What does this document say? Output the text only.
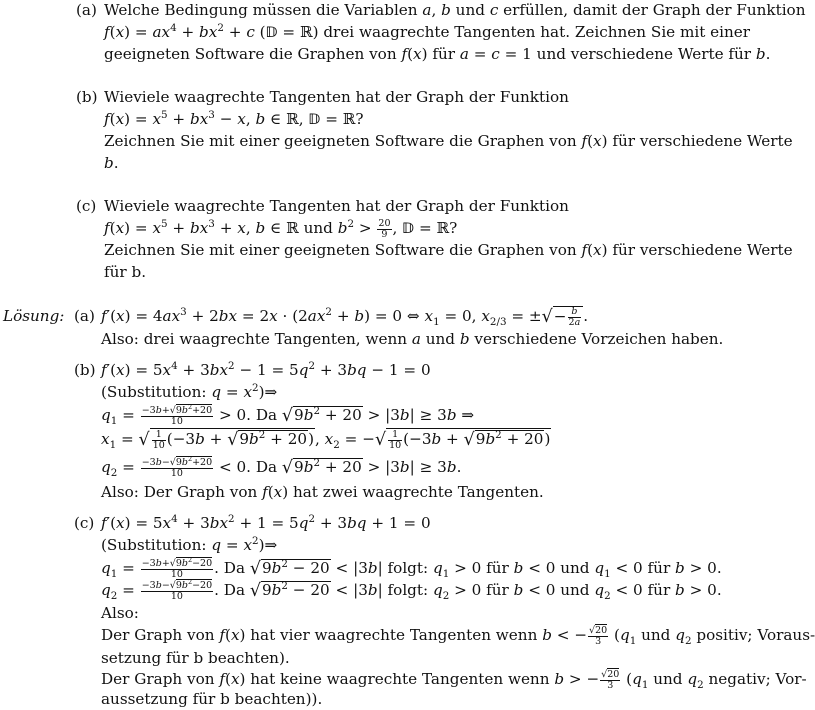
(a) Welche Bedingung müssen die Variablen a, b und c erfüllen, damit der Graph der Funktion
$f(x) = ax^4 + bx^2 + c$ (𝔻 = ℝ) drei waagrechte Tangenten hat. Zeichnen Sie mit einer
geeigneten Software die Graphen von f(x) für a = c = 1 und verschiedene Werte für b.
(b) Wieviele waagrechte Tangenten hat der Graph der Funktion
$f(x) = x^5 + bx^3 - x$, b ∈ ℝ, 𝔻 = ℝ?
Zeichnen Sie mit einer geeigneten Software die Graphen von f(x) für verschiedene Werte
b.
(c) Wieviele waagrechte Tangenten hat der Graph der Funktion
$f(x) = x^5 + bx^3 + x$, b ∈ ℝ und $b^2 > \frac{20}{9}$ , 𝔻 = ℝ?
Zeichnen Sie mit einer geeigneten Software die Graphen von f(x) für verschiedene Werte
für b.
Lösung: (a) $f'(x) = 4ax^3 + 2bx = 2x \cdot (2ax^2 + b) = 0$ ⇔ $x_1 = 0$, $x_{2/3}$ = ±√− $\frac{b}{2a}$ .
Also: drei waagrechte Tangenten, wenn a und b verschiedene Vorzeichen haben.
(b) $f'(x) = 5x^4 + 3bx^2 - 1 = 5q^2 + 3bq - 1 = 0$
(Substitution: $q = x^2)\Rightarrow$
$q_1 = \frac{-3b+√9b^2+20}{10} > 0$. Da $√9b^2 + 20 > |3b| \ge 3b$ ⇒
$x_1$ = √ $\frac{1}{10} (-3b + √9b^2 + 20)$, $x_2$ = −√ $\frac{1}{10} (-3b + √9b^2 + 20)$
$q_2 = \frac{-3b-√9b^2+20}{10} < 0$. Da $√9b^2 + 20 > |3b| \ge 3b$.
Also: Der Graph von f(x) hat zwei waagrechte Tangenten.
(c) $f'(x) = 5x^4 + 3bx^2 + 1 = 5q^2 + 3bq + 1 = 0$
(Substitution: $q = x^2)\Rightarrow$
$q_1 = \frac{-3b+√9b^2-20}{10}$ . Da $√9b^2 - 20 < |3b|$ folgt: $q_1 > 0$ für b < 0 und $q_1 < 0$ für b > 0.
$q_2 = \frac{-3b-√9b^2-20}{10}$ . Da $√9b^2 - 20 < |3b|$ folgt: $q_2 > 0$ für b < 0 und $q_2 < 0$ für b > 0.
Also:
Der Graph von f(x) hat vier waagrechte Tangenten wenn b < − $\frac{√20}{3} (q_1$ und $q_2$ positiv; Voraus-
setzung für b beachten).
Der Graph von f(x) hat keine waagrechte Tangenten wenn b > − $\frac{√20}{3} (q_1$ und $q_2$ negativ; Vor-
aussetzung für b beachten)).
